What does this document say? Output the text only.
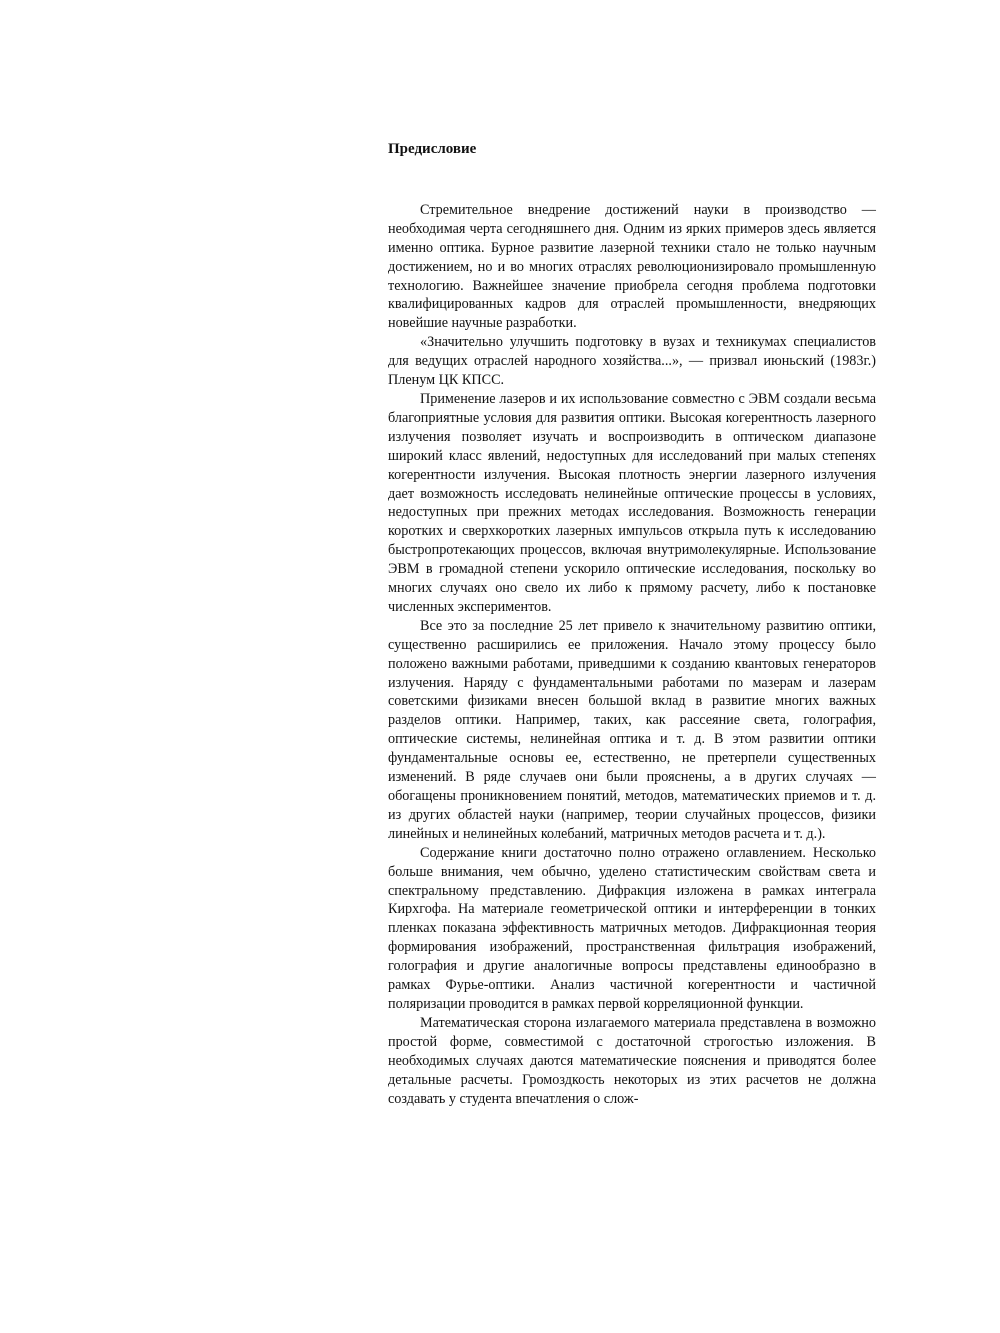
Предисловие

Стремительное внедрение достижений науки в производство — необходимая черта сегодняшнего дня. Одним из ярких примеров здесь является именно оптика. Бурное развитие лазерной техники стало не только научным достижением, но и во многих отраслях революционизировало промышленную технологию. Важнейшее значение приобрела сегодня проблема подготовки квалифицированных кадров для отраслей промышленности, внедряющих новейшие научные разработки.

«Значительно улучшить подготовку в вузах и техникумах специалистов для ведущих отраслей народного хозяйства...», — призвал июньский (1983г.) Пленум ЦК КПСС.

Применение лазеров и их использование совместно с ЭВМ создали весьма благоприятные условия для развития оптики. Высокая когерентность лазерного излучения позволяет изучать и воспроизводить в оптическом диапазоне широкий класс явлений, недоступных для исследований при малых степенях когерентности излучения. Высокая плотность энергии лазерного излучения дает возможность исследовать нелинейные оптические процессы в условиях, недоступных при прежних методах исследования. Возможность генерации коротких и сверхкоротких лазерных импульсов открыла путь к исследованию быстропротекающих процессов, включая внутримолекулярные. Использование ЭВМ в громадной степени ускорило оптические исследования, поскольку во многих случаях оно свело их либо к прямому расчету, либо к постановке численных экспериментов.

Все это за последние 25 лет привело к значительному развитию оптики, существенно расширились ее приложения. Начало этому процессу было положено важными работами, приведшими к созданию квантовых генераторов излучения. Наряду с фундаментальными работами по мазерам и лазерам советскими физиками внесен большой вклад в развитие многих важных разделов оптики. Например, таких, как рассеяние света, голография, оптические системы, нелинейная оптика и т. д. В этом развитии оптики фундаментальные основы ее, естественно, не претерпели существенных изменений. В ряде случаев они были прояснены, а в других случаях — обогащены проникновением понятий, методов, математических приемов и т. д. из других областей науки (например, теории случайных процессов, физики линейных и нелинейных колебаний, матричных методов расчета и т. д.).

Содержание книги достаточно полно отражено оглавлением. Несколько больше внимания, чем обычно, уделено статистическим свойствам света и спектральному представлению. Дифракция изложена в рамках интеграла Кирхгофа. На материале геометрической оптики и интерференции в тонких пленках показана эффективность матричных методов. Дифракционная теория формирования изображений, пространственная фильтрация изображений, голография и другие аналогичные вопросы представлены единообразно в рамках Фурье-оптики. Анализ частичной когерентности и частичной поляризации проводится в рамках первой корреляционной функции.

Математическая сторона излагаемого материала представлена в возможно простой форме, совместимой с достаточной строгостью изложения. В необходимых случаях даются математические пояснения и приводятся более детальные расчеты. Громоздкость некоторых из этих расчетов не должна создавать у студента впечатления о слож-
